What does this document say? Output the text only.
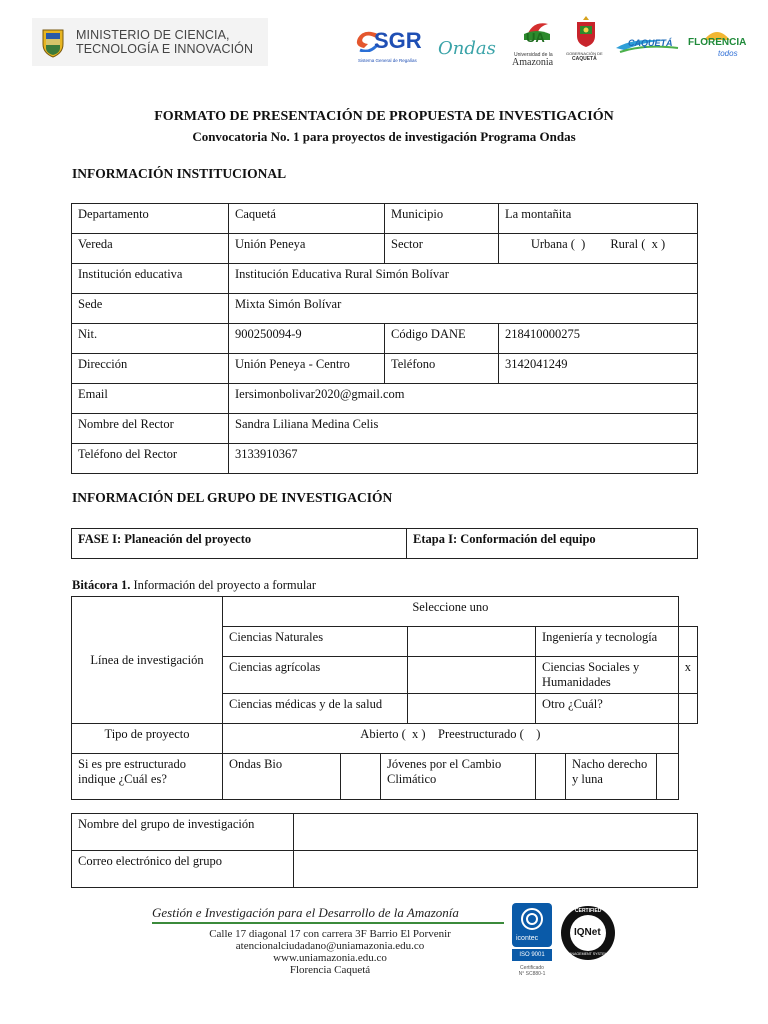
MINISTERIO DE CIENCIA,
TECNOLOGÍA E INNOVACIÓN	SGR
Sistema General de Regalías
Ondas
UA
Universidad de la
Amazonia
GOBERNACIÓN DE
CAQUETÁ
CAQUETÁ FLORENCIA
todos
FORMATO DE PRESENTACIÓN DE PROPUESTA DE INVESTIGACIÓN
Convocatoria No. 1 para proyectos de investigación Programa Ondas
INFORMACIÓN INSTITUCIONAL
Departamento	Caquetá	Municipio	La montañita
Vereda	Unión Peneya	Sector	Urbana (  )        Rural (  x )
Institución educativa	Institución Educativa Rural Simón Bolívar		
Sede	Mixta Simón Bolívar		
Nit.	900250094-9	Código DANE	218410000275
Dirección	Unión Peneya - Centro	Teléfono	3142041249
Email	Iersimonbolivar2020@gmail.com		
Nombre del Rector	Sandra Liliana Medina Celis		
Teléfono del Rector	3133910367		
INFORMACIÓN DEL GRUPO DE INVESTIGACIÓN
FASE I: Planeación del proyecto	Etapa I: Conformación del equipo
Bitácora 1. Información del proyecto a formular
Línea de investigación	Seleccione uno							
	Ciencias Naturales				Ingeniería y tecnología			
	Ciencias agrícolas				Ciencias Sociales y Humanidades			x
	Ciencias médicas y de la salud				Otro ¿Cuál?			
Tipo de proyecto	Abierto (  x )    Preestructurado (    )							
Si es pre estructurado indique ¿Cuál es?	Ondas Bio		Jóvenes por el Cambio Climático			Nacho derecho y luna		
Nombre del grupo de investigación	
Correo electrónico del grupo	
Gestión e Investigación para el Desarrollo de la Amazonía
Calle 17 diagonal 17 con carrera 3F Barrio El Porvenir
atencionalciudadano@uniamazonia.edu.co
www.uniamazonia.edu.co
Florencia Caquetá
icontec
ISO 9001
Certificado
N° SC880-1
CERTIFIED
IQNet
MANAGEMENT SYSTEM
